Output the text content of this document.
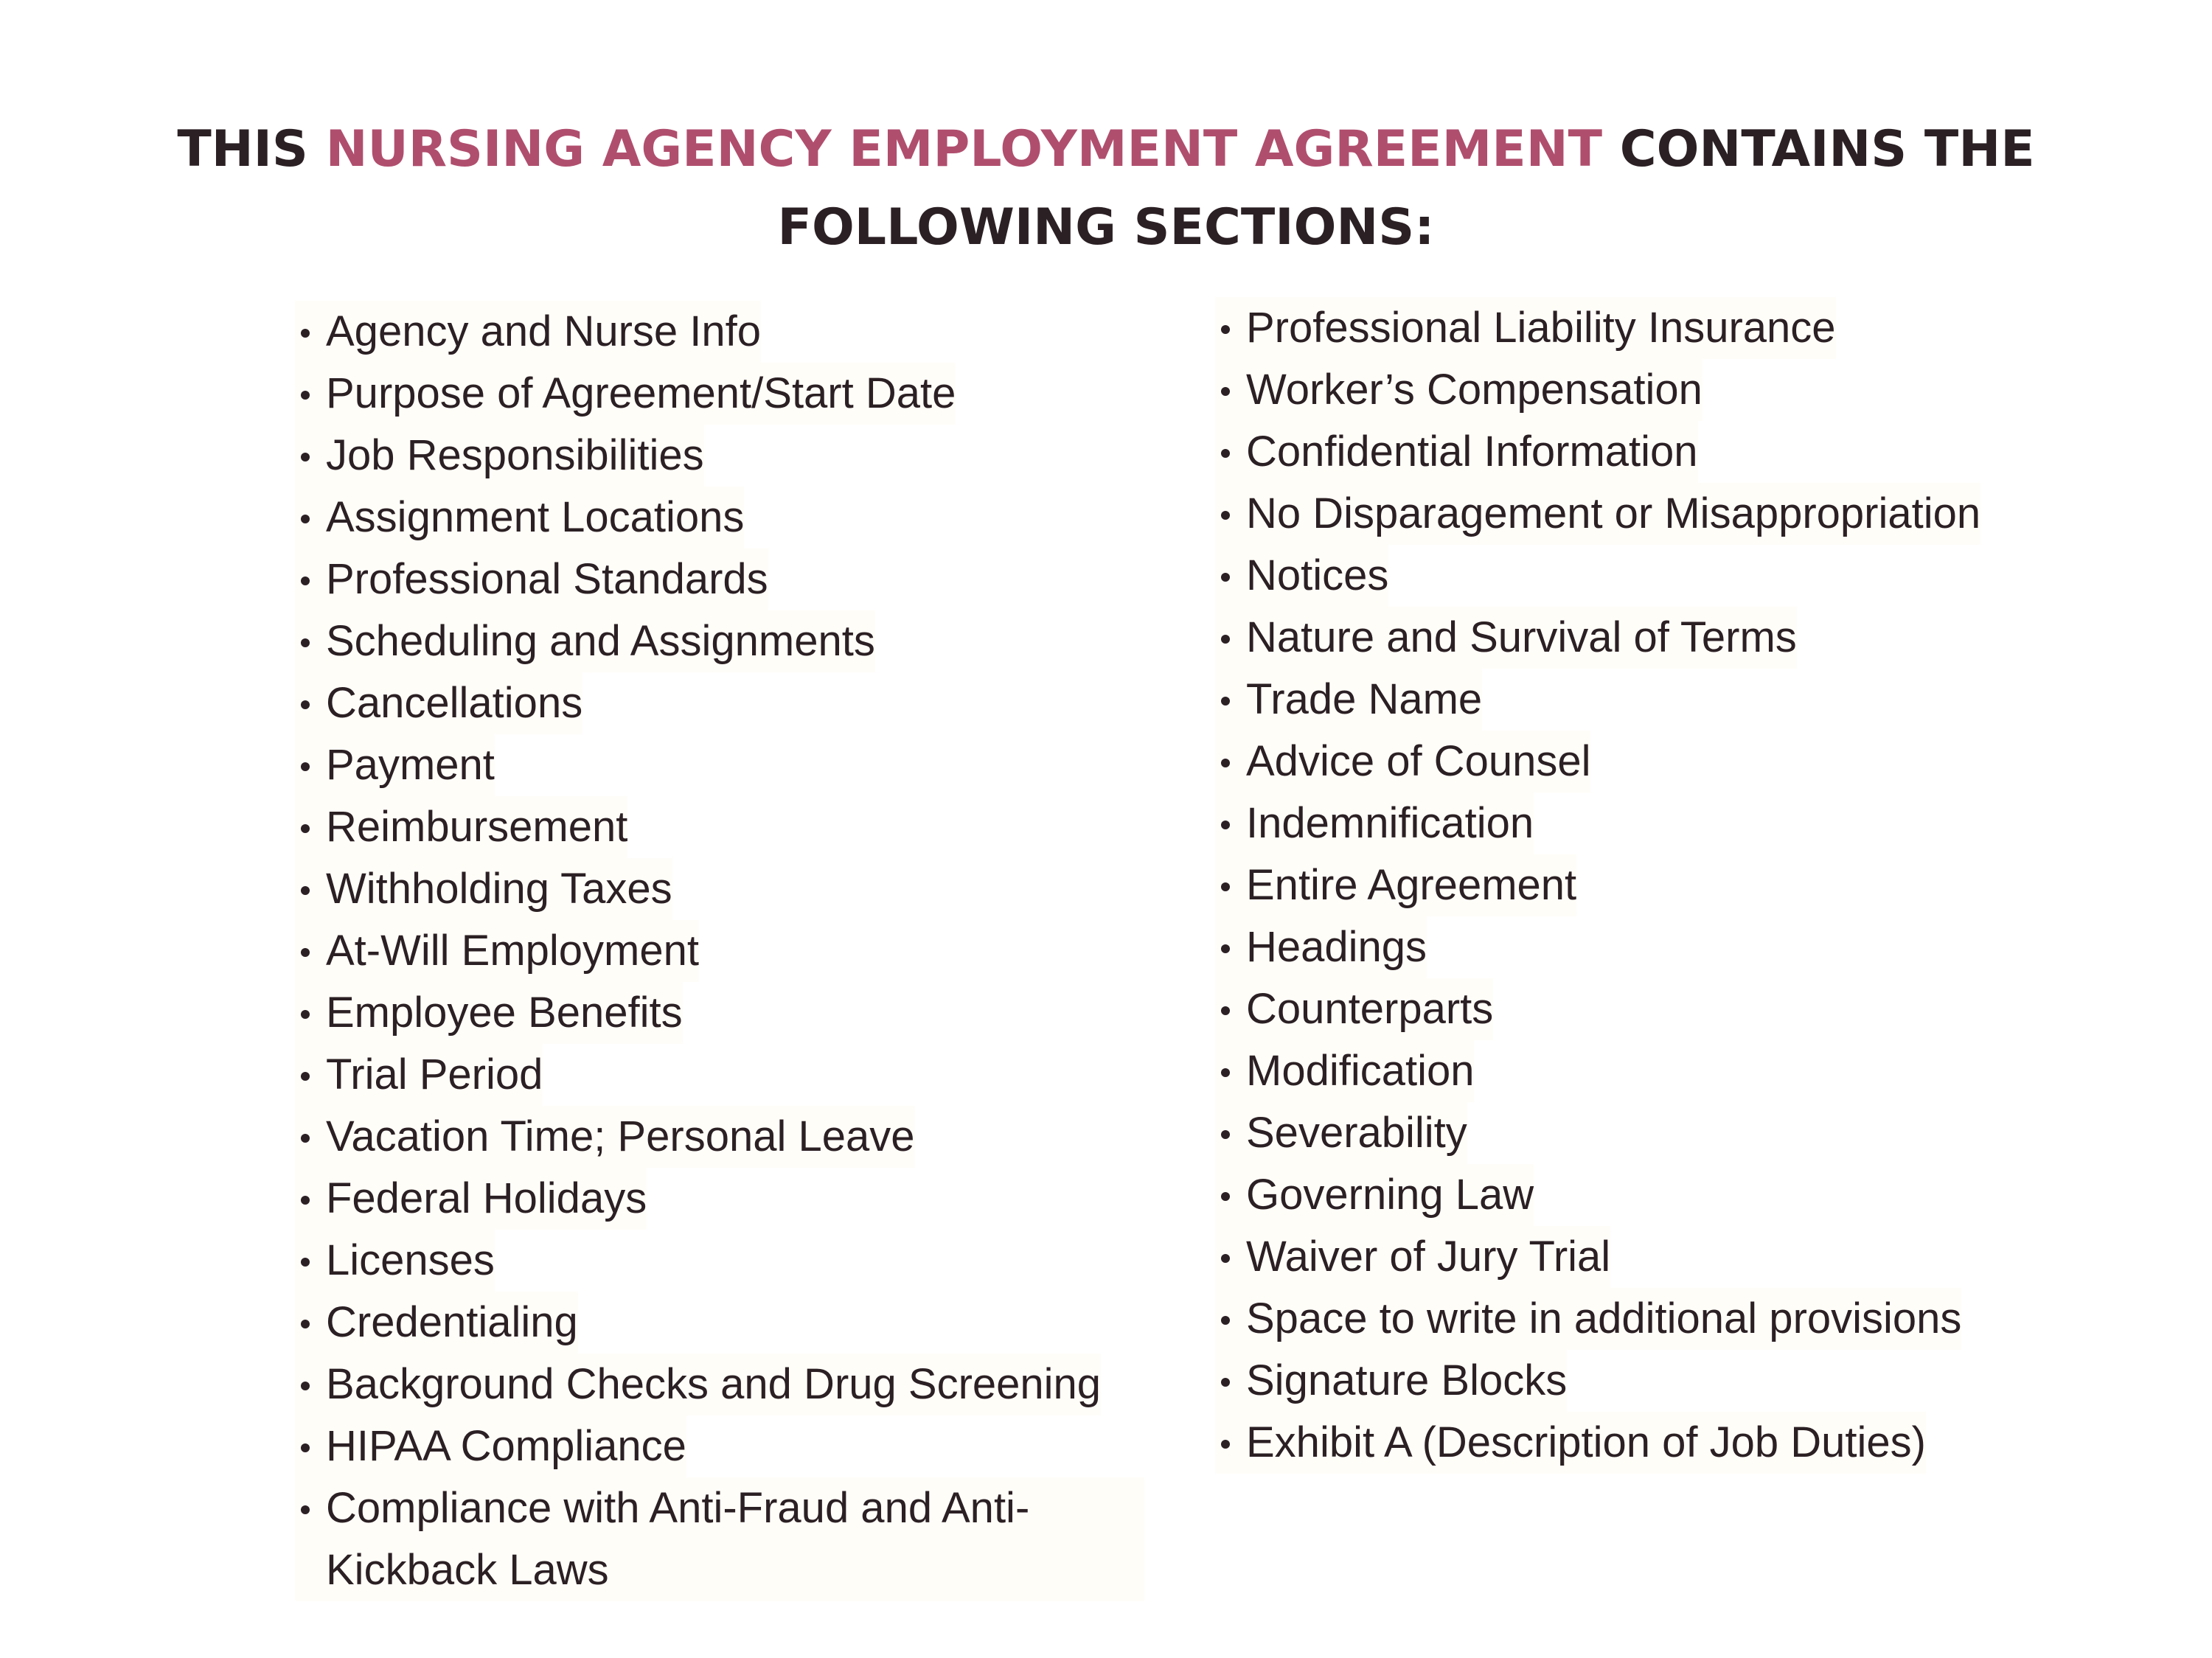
THIS NURSING AGENCY EMPLOYMENT AGREEMENT CONTAINS THE
FOLLOWING SECTIONS:
Agency and Nurse Info
Purpose of Agreement/Start Date
Job Responsibilities
Assignment Locations
Professional Standards
Scheduling and Assignments
Cancellations
Payment
Reimbursement
Withholding Taxes
At-Will Employment
Employee Benefits
Trial Period
Vacation Time; Personal Leave
Federal Holidays
Licenses
Credentialing
Background Checks and Drug Screening
HIPAA Compliance
Compliance with Anti-Fraud and Anti-Kickback Laws
Professional Liability Insurance
Worker’s Compensation
Confidential Information
No Disparagement or Misappropriation
Notices
Nature and Survival of Terms
Trade Name
Advice of Counsel
Indemnification
Entire Agreement
Headings
Counterparts
Modification
Severability
Governing Law
Waiver of Jury Trial
Space to write in additional provisions
Signature Blocks
Exhibit A (Description of Job Duties)
